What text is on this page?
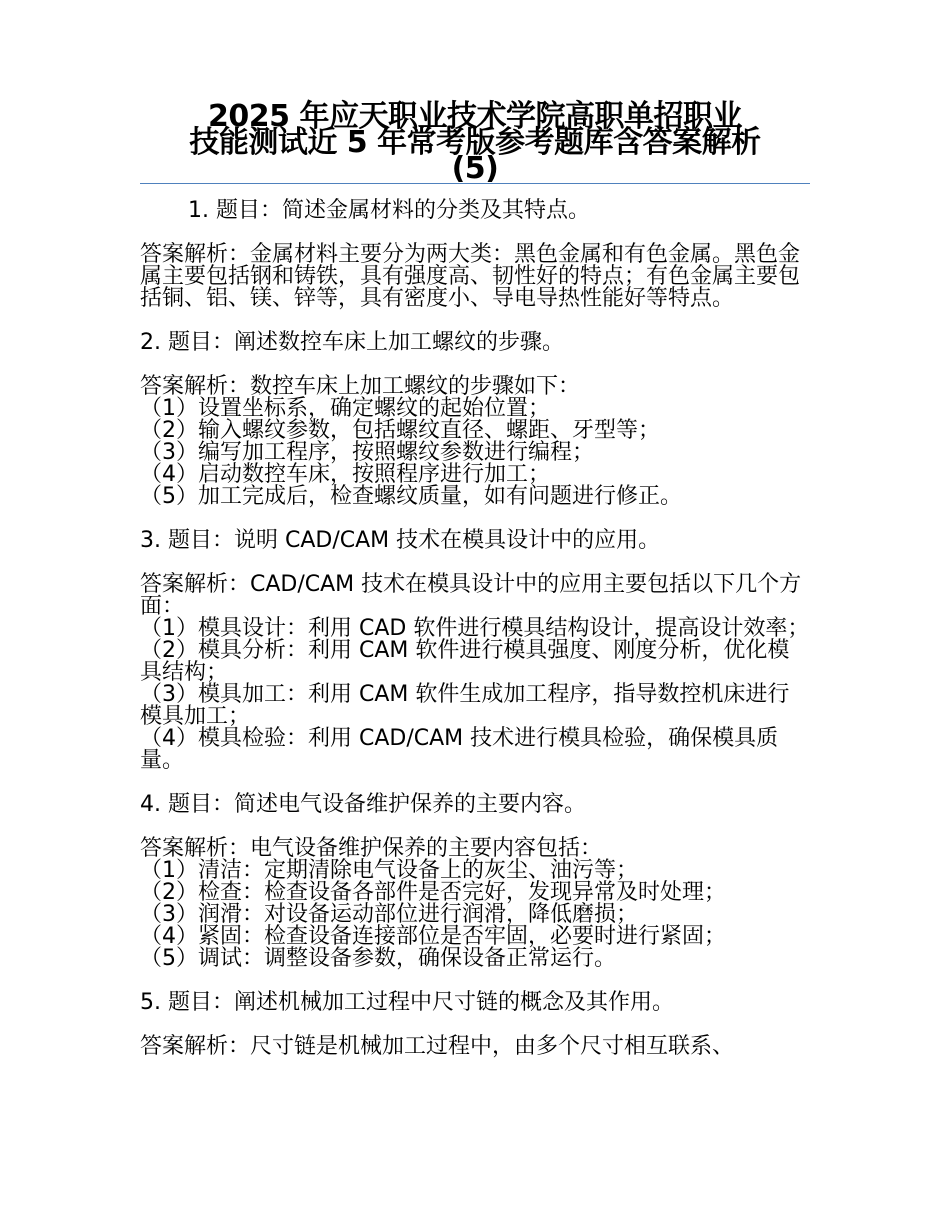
2025 年应天职业技术学院高职单招职业
技能测试近 5 年常考版参考题库含答案解析
(5)
1. 题目：简述金属材料的分类及其特点。
答案解析：金属材料主要分为两大类：黑色金属和有色金属。黑色金属主要包括钢和铸铁，具有强度高、韧性好的特点；有色金属主要包括铜、铝、镁、锌等，具有密度小、导电导热性能好等特点。
2. 题目：阐述数控车床上加工螺纹的步骤。
答案解析：数控车床上加工螺纹的步骤如下：
（1）设置坐标系，确定螺纹的起始位置；
（2）输入螺纹参数，包括螺纹直径、螺距、牙型等；
（3）编写加工程序，按照螺纹参数进行编程；
（4）启动数控车床，按照程序进行加工；
（5）加工完成后，检查螺纹质量，如有问题进行修正。
3. 题目：说明 CAD/CAM 技术在模具设计中的应用。
答案解析：CAD/CAM 技术在模具设计中的应用主要包括以下几个方面：
（1）模具设计：利用 CAD 软件进行模具结构设计，提高设计效率；
（2）模具分析：利用 CAM 软件进行模具强度、刚度分析，优化模具结构；
（3）模具加工：利用 CAM 软件生成加工程序，指导数控机床进行模具加工；
（4）模具检验：利用 CAD/CAM 技术进行模具检验，确保模具质量。
4. 题目：简述电气设备维护保养的主要内容。
答案解析：电气设备维护保养的主要内容包括：
（1）清洁：定期清除电气设备上的灰尘、油污等；
（2）检查：检查设备各部件是否完好，发现异常及时处理；
（3）润滑：对设备运动部位进行润滑，降低磨损；
（4）紧固：检查设备连接部位是否牢固，必要时进行紧固；
（5）调试：调整设备参数，确保设备正常运行。
5. 题目：阐述机械加工过程中尺寸链的概念及其作用。
答案解析：尺寸链是机械加工过程中，由多个尺寸相互联系、
